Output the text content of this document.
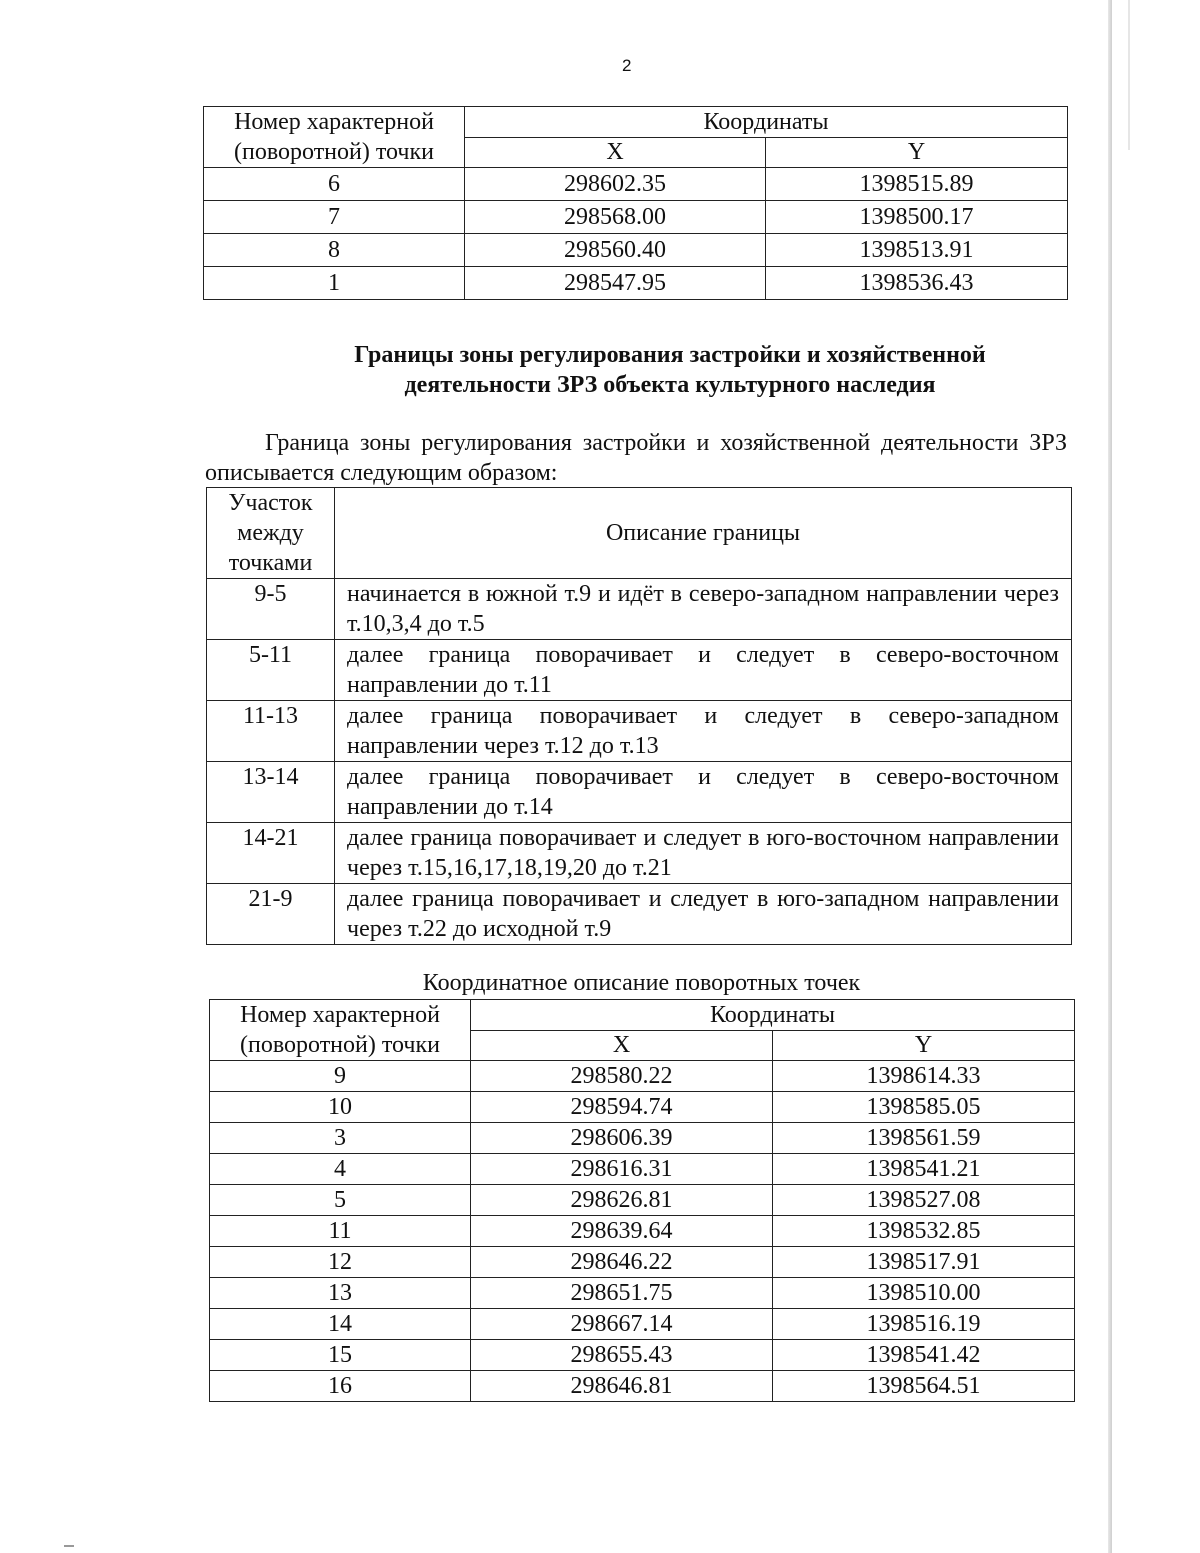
2
Номер характерной (поворотной) точки	Координаты	
	X	Y
6	298602.35	1398515.89
7	298568.00	1398500.17
8	298560.40	1398513.91
1	298547.95	1398536.43
Границы зоны регулирования застройки и хозяйственной
деятельности ЗРЗ объекта культурного наследия
Граница зоны регулирования застройки и хозяйственной деятельности ЗРЗ описывается следующим образом:
Участок между точками	Описание границы
9-5	начинается в южной т.9 и идёт в северо-западном направлении через т.10,3,4 до т.5
5-11	далее граница поворачивает и следует в северо-восточном направлении до т.11
11-13	далее граница поворачивает и следует в северо-западном направлении через т.12 до т.13
13-14	далее граница поворачивает и следует в северо-восточном направлении до т.14
14-21	далее граница поворачивает и следует в юго-восточном направлении через т.15,16,17,18,19,20 до т.21
21-9	далее граница поворачивает и следует в юго-западном направлении через т.22 до исходной т.9
Координатное описание поворотных точек
Номер характерной (поворотной) точки	Координаты	
	X	Y
9	298580.22	1398614.33
10	298594.74	1398585.05
3	298606.39	1398561.59
4	298616.31	1398541.21
5	298626.81	1398527.08
11	298639.64	1398532.85
12	298646.22	1398517.91
13	298651.75	1398510.00
14	298667.14	1398516.19
15	298655.43	1398541.42
16	298646.81	1398564.51
